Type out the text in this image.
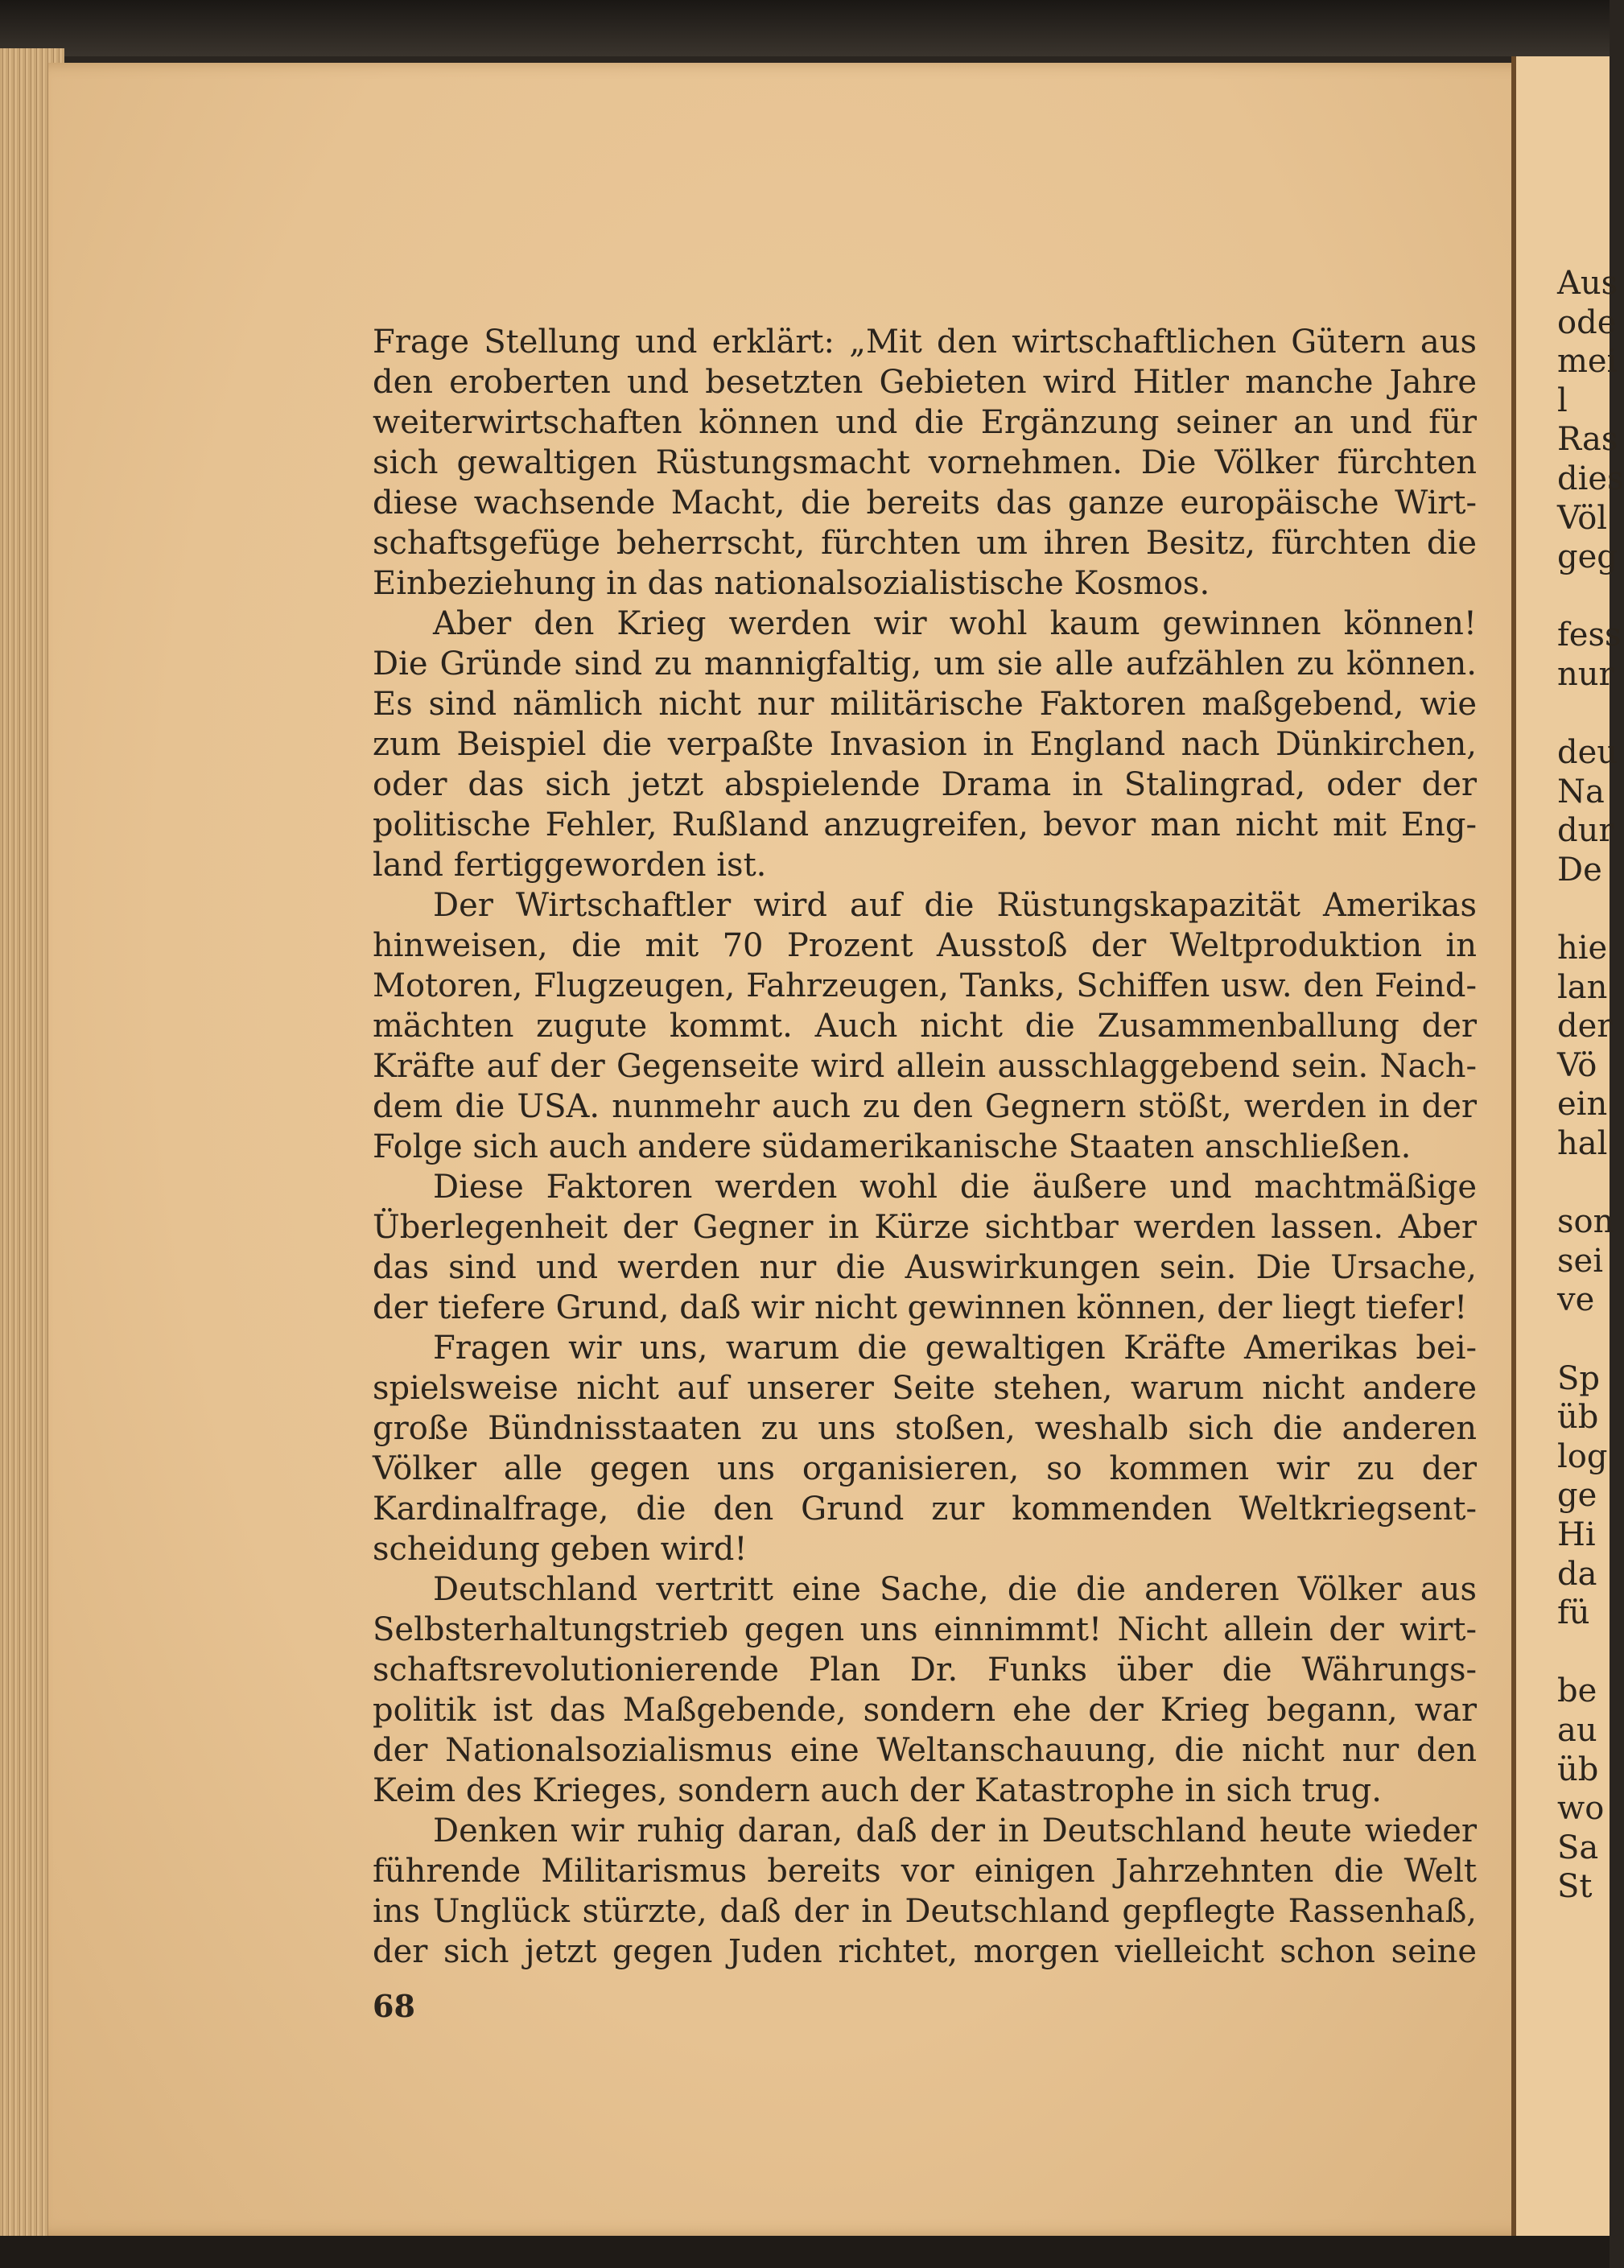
Frage Stellung und erklärt: „Mit den wirtschaftlichen Gütern aus
den eroberten und besetzten Gebieten wird Hitler manche Jahre
weiterwirtschaften können und die Ergänzung seiner an und für
sich gewaltigen Rüstungsmacht vornehmen. Die Völker fürchten
diese wachsende Macht, die bereits das ganze europäische Wirt-
schaftsgefüge beherrscht, fürchten um ihren Besitz, fürchten die
Einbeziehung in das nationalsozialistische Kosmos.
Aber den Krieg werden wir wohl kaum gewinnen können!
Die Gründe sind zu mannigfaltig, um sie alle aufzählen zu können.
Es sind nämlich nicht nur militärische Faktoren maßgebend, wie
zum Beispiel die verpaßte Invasion in England nach Dünkirchen,
oder das sich jetzt abspielende Drama in Stalingrad, oder der
politische Fehler, Rußland anzugreifen, bevor man nicht mit Eng-
land fertiggeworden ist.
Der Wirtschaftler wird auf die Rüstungskapazität Amerikas
hinweisen, die mit 70 Prozent Ausstoß der Weltproduktion in
Motoren, Flugzeugen, Fahrzeugen, Tanks, Schiffen usw. den Feind-
mächten zugute kommt. Auch nicht die Zusammenballung der
Kräfte auf der Gegenseite wird allein ausschlaggebend sein. Nach-
dem die USA. nunmehr auch zu den Gegnern stößt, werden in der
Folge sich auch andere südamerikanische Staaten anschließen.
Diese Faktoren werden wohl die äußere und machtmäßige
Überlegenheit der Gegner in Kürze sichtbar werden lassen. Aber
das sind und werden nur die Auswirkungen sein. Die Ursache,
der tiefere Grund, daß wir nicht gewinnen können, der liegt tiefer!
Fragen wir uns, warum die gewaltigen Kräfte Amerikas bei-
spielsweise nicht auf unserer Seite stehen, warum nicht andere
große Bündnisstaaten zu uns stoßen, weshalb sich die anderen
Völker alle gegen uns organisieren, so kommen wir zu der
Kardinalfrage, die den Grund zur kommenden Weltkriegsent-
scheidung geben wird!
Deutschland vertritt eine Sache, die die anderen Völker aus
Selbsterhaltungstrieb gegen uns einnimmt! Nicht allein der wirt-
schaftsrevolutionierende Plan Dr. Funks über die Währungs-
politik ist das Maßgebende, sondern ehe der Krieg begann, war
der Nationalsozialismus eine Weltanschauung, die nicht nur den
Keim des Krieges, sondern auch der Katastrophe in sich trug.
Denken wir ruhig daran, daß der in Deutschland heute wieder
führende Militarismus bereits vor einigen Jahrzehnten die Welt
ins Unglück stürzte, daß der in Deutschland gepflegte Rassenhaß,
der sich jetzt gegen Juden richtet, morgen vielleicht schon seine
68
Aus
ode
mei
l
Ras
dies
Völ
geg
fess
nur
deu
Na
dur
De
hie
lan
der
Vö
ein
hal
son
sei
ve
Sp
üb
log
ge
Hi
da
fü
be
au
üb
wo
Sa
St
